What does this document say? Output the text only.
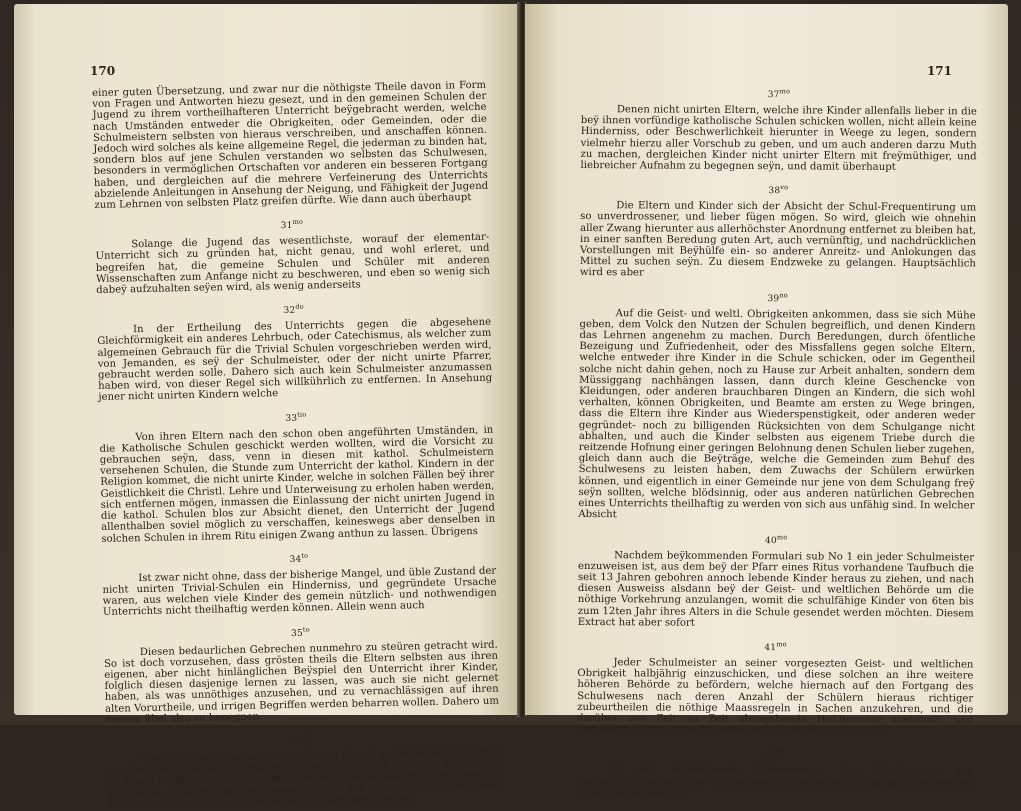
170

einer guten Übersetzung, und zwar nur die nöthigste Theile davon in Form von Fragen und Antworten hiezu gesezt, und in den gemeinen Schulen der Jugend zu ihrem vortheilhafteren Unterricht beÿgebracht werden, welche nach Umständen entweder die Obrigkeiten, oder Gemeinden, oder die Schulmeistern selbsten von hieraus verschreiben, und anschaffen können. Jedoch wird solches als keine allgemeine Regel, die jederman zu binden hat, sondern blos auf jene Schulen verstanden wo selbsten das Schulwesen, besonders in vermöglichen Ortschaften vor anderen ein besseren Fortgang haben, und dergleichen auf die mehrere Verfeinerung des Unterrichts abzielende Anleitungen in Ansehung der Neigung, und Fähigkeit der Jugend zum Lehrnen von selbsten Platz greifen dürfte. Wie dann auch überhaupt

$31^{mo}$

Solange die Jugend das wesentlichste, worauf der elementar- Unterricht sich zu gründen hat, nicht genau, und wohl erleret, und begreifen hat, die gemeine Schulen und Schüler mit anderen Wissenschaften zum Anfange nicht zu beschweren, und eben so wenig sich dabeÿ aufzuhalten seÿen wird, als wenig anderseits

$32^{do}$

In der Ertheilung des Unterrichts gegen die abgesehene Gleichförmigkeit ein anderes Lehrbuch, oder Catechismus, als welcher zum algemeinen Gebrauch für die Trivial Schulen vorgeschrieben werden wird, von Jemanden, es seÿ der Schulmeister, oder der nicht unirte Pfarrer, gebraucht werden solle. Dahero sich auch kein Schulmeister anzumassen haben wird, von dieser Regel sich willkührlich zu entfernen. In Ansehung jener nicht unirten Kindern welche

$33^{tio}$

Von ihren Eltern nach den schon oben angeführten Umständen, in die Katholische Schulen geschickt werden wollten, wird die Vorsicht zu gebrauchen seÿn, dass, venn in diesen mit kathol. Schulmeistern versehenen Schulen, die Stunde zum Unterricht der kathol. Kindern in der Religion kommet, die nicht unirte Kinder, welche in solchen Fällen beÿ ihrer Geistlichkeit die Christl. Lehre und Unterweisung zu erholen haben werden, sich entfernen mögen, inmassen die Einlassung der nicht unirten Jugend in die kathol. Schulen blos zur Absicht dienet, den Unterricht der Jugend allenthalben soviel möglich zu verschaffen, keineswegs aber denselben in solchen Schulen in ihrem Ritu einigen Zwang anthun zu lassen. Übrigens

$34^{to}$

Ist zwar nicht ohne, dass der bisherige Mangel, und üble Zustand der nicht unirten Trivial-Schulen ein Hinderniss, und gegründete Ursache waren, aus welchen viele Kinder des gemein nützlich- und nothwendigen Unterrichts nicht theilhaftig werden können. Allein wenn auch

$35^{to}$

Diesen bedaurlichen Gebrechen nunmehro zu steüren getracht wird. So ist doch vorzusehen, dass grösten theils die Eltern selbsten aus ihren eigenen, aber nicht hinlänglichen Beÿspiel den Unterricht ihrer Kinder, folglich diesen dasjenige lernen zu lassen, was auch sie nicht gelernet haben, als was unnöthiges anzusehen, und zu vernachlässigen auf ihren alten Vorurtheile, und irrigen Begriffen werden beharren wollen. Dahero um diesem übel also zu begegnen

$36^{to}$

Die Eltern wenigstens in der grössern Anzahl zu vermögen sind, dass sie ihre Kinder beÿderleÿ Geschlechts von 6 Jahr ihres Alters an nicht allein zu denen bestimmten Tägen, und Stunden in die Schule schicken, sondern auch selbe so lange darinnen lassen, bis sie das wissen, was sie beÿ dem elementar Unterricht zu lernen haben. Es wird aber hierbeÿ

171
$37^{mo}$

Denen nicht unirten Eltern, welche ihre Kinder allenfalls lieber in die beÿ ihnen vorfündige katholische Schulen schicken wollen, nicht allein keine Hinderniss, oder Beschwerlichkeit hierunter in Weege zu legen, sondern vielmehr hierzu aller Vorschub zu geben, und um auch anderen darzu Muth zu machen, dergleichen Kinder nicht unirter Eltern mit freÿmüthiger, und liebreicher Aufnahm zu begegnen seÿn, und damit überhaupt

$38^{vo}$

Die Eltern und Kinder sich der Absicht der Schul-Frequentirung um so unverdrossener, und lieber fügen mögen. So wird, gleich wie ohnehin aller Zwang hierunter aus allerhöchster Anordnung entfernet zu bleiben hat, in einer sanften Beredung guten Art, auch vernünftig, und nachdrücklichen Vorstellungen mit Beÿhülfe ein- so anderer Anreitz- und Anlokungen das Mittel zu suchen seÿn. Zu diesem Endzweke zu gelangen. Hauptsächlich wird es aber

$39^{no}$

Auf die Geist- und weltl. Obrigkeiten ankommen, dass sie sich Mühe geben, dem Volck den Nutzen der Schulen begreiflich, und denen Kindern das Lehrnen angenehm zu machen. Durch Beredungen, durch öfentliche Bezeigung und Zufriedenheit, oder des Missfallens gegen solche Eltern, welche entweder ihre Kinder in die Schule schicken, oder im Gegentheil solche nicht dahin gehen, noch zu Hause zur Arbeit anhalten, sondern dem Müssiggang nachhängen lassen, dann durch kleine Geschencke von Kleidungen, oder anderen brauchbaren Dingen an Kindern, die sich wohl verhalten, können Obrigkeiten, und Beamte am ersten zu Wege bringen, dass die Eltern ihre Kinder aus Wiederspenstigkeit, oder anderen weder gegründet- noch zu billigenden Rücksichten von dem Schulgange nicht abhalten, und auch die Kinder selbsten aus eigenem Triebe durch die reitzende Hofnung einer geringen Belohnung denen Schulen lieber zugehen, gleich dann auch die Beÿträge, welche die Gemeinden zum Behuf des Schulwesens zu leisten haben, dem Zuwachs der Schülern erwürken können, und eigentlich in einer Gemeinde nur jene von dem Schulgang freÿ seÿn sollten, welche blödsinnig, oder aus anderen natürlichen Gebrechen eines Unterrichts theilhaftig zu werden von sich aus unfähig sind. In welcher Absicht

$40^{mo}$

Nachdem beÿkommenden Formulari sub No 1 ein jeder Schulmeister enzuweisen ist, aus dem beÿ der Pfarr eines Ritus vorhandene Taufbuch die seit 13 Jahren gebohren annoch lebende Kinder heraus zu ziehen, und nach diesen Ausweiss alsdann beÿ der Geist- und weltlichen Behörde um die nöthige Vorkehrung anzulangen, womit die schulfähige Kinder von 6ten bis zum 12ten Jahr ihres Alters in die Schule gesendet werden möchten. Diesem Extract hat aber sofort

$41^{mo}$

Jeder Schulmeister an seiner vorgesezten Geist- und weltlichen Obrigkeit halbjährig einzuschicken, und diese solchen an ihre weitere höheren Behörde zu befördern, welche hiernach auf den Fortgang des Schulwesens nach deren Anzahl der Schülern hieraus richtiger zubeurtheilen die nöthige Maassregeln in Sachen anzukehren, und die darüber von Zeit zu Zeit abzugebende Hof-Berichte standhaft, und verlässlich zu erstatten in Stande seÿn wird, es beruhet aber

$42^{do}$

In der abgesehenen Verbesserung des Schulwesens das haupsächlichste auf einer stufweisen einzuleitenden Verbindung der Absicht Geist- und weltlicher
